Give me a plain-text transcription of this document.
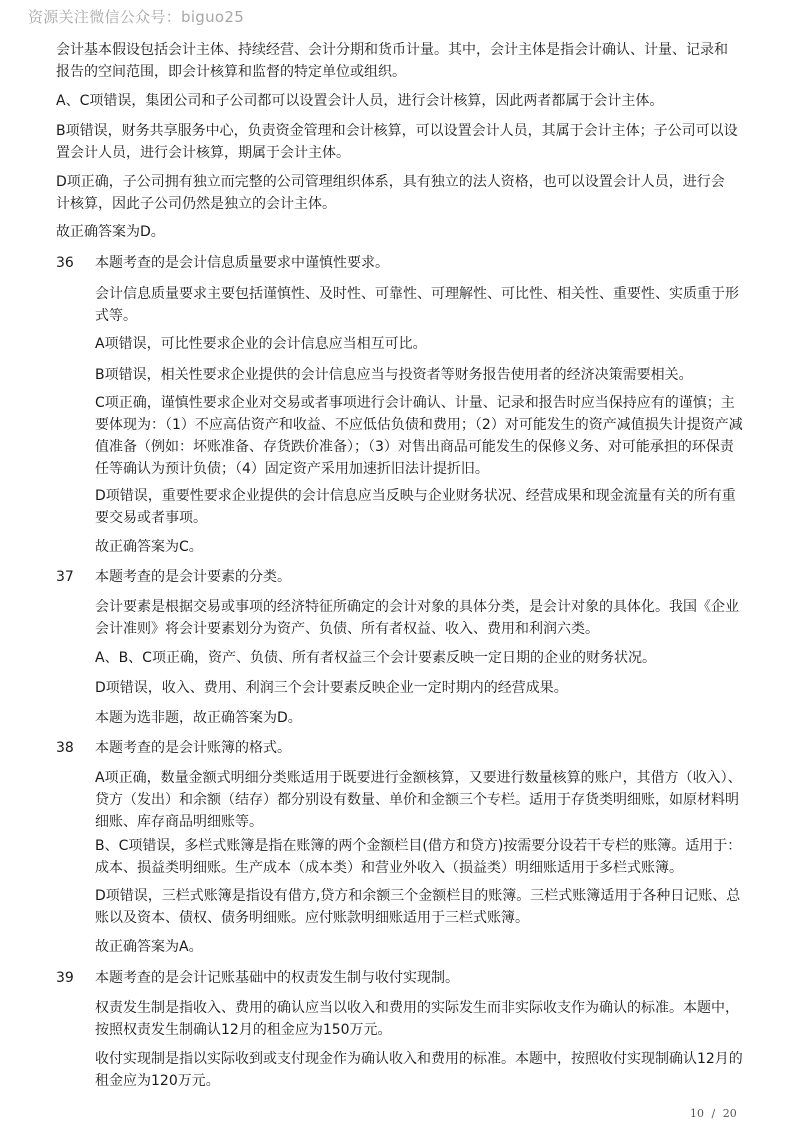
资源关注微信公众号：biguo25

会计基本假设包括会计主体、持续经营、会计分期和货币计量。其中，会计主体是指会计确认、计量、记录和报告的空间范围，即会计核算和监督的特定单位或组织。

A、C项错误，集团公司和子公司都可以设置会计人员，进行会计核算，因此两者都属于会计主体。

B项错误，财务共享服务中心，负责资金管理和会计核算，可以设置会计人员，其属于会计主体；子公司可以设置会计人员，进行会计核算，期属于会计主体。

D项正确，子公司拥有独立而完整的公司管理组织体系，具有独立的法人资格，也可以设置会计人员，进行会计核算，因此子公司仍然是独立的会计主体。

故正确答案为D。

36 本题考查的是会计信息质量要求中谨慎性要求。

会计信息质量要求主要包括谨慎性、及时性、可靠性、可理解性、可比性、相关性、重要性、实质重于形式等。

A项错误，可比性要求企业的会计信息应当相互可比。

B项错误，相关性要求企业提供的会计信息应当与投资者等财务报告使用者的经济决策需要相关。

C项正确，谨慎性要求企业对交易或者事项进行会计确认、计量、记录和报告时应当保持应有的谨慎；主要体现为：（1）不应高估资产和收益、不应低估负债和费用；（2）对可能发生的资产减值损失计提资产减值准备（例如：坏账准备、存货跌价准备）；（3）对售出商品可能发生的保修义务、对可能承担的环保责任等确认为预计负债；（4）固定资产采用加速折旧法计提折旧。

D项错误，重要性要求企业提供的会计信息应当反映与企业财务状况、经营成果和现金流量有关的所有重要交易或者事项。

故正确答案为C。

37 本题考查的是会计要素的分类。

会计要素是根据交易或事项的经济特征所确定的会计对象的具体分类，是会计对象的具体化。我国《企业会计准则》将会计要素划分为资产、负债、所有者权益、收入、费用和利润六类。

A、B、C项正确，资产、负债、所有者权益三个会计要素反映一定日期的企业的财务状况。

D项错误，收入、费用、利润三个会计要素反映企业一定时期内的经营成果。

本题为选非题，故正确答案为D。

38 本题考查的是会计账簿的格式。

A项正确，数量金额式明细分类账适用于既要进行金额核算，又要进行数量核算的账户，其借方（收入）、贷方（发出）和余额（结存）都分别设有数量、单价和金额三个专栏。适用于存货类明细账，如原材料明细账、库存商品明细账等。

B、C项错误，多栏式账簿是指在账簿的两个金额栏目(借方和贷方)按需要分设若干专栏的账簿。适用于：成本、损益类明细账。生产成本（成本类）和营业外收入（损益类）明细账适用于多栏式账簿。

D项错误，三栏式账簿是指设有借方,贷方和余额三个金额栏目的账簿。三栏式账簿适用于各种日记账、总账以及资本、债权、债务明细账。应付账款明细账适用于三栏式账簿。

故正确答案为A。

39 本题考查的是会计记账基础中的权责发生制与收付实现制。

权责发生制是指收入、费用的确认应当以收入和费用的实际发生而非实际收支作为确认的标准。本题中，按照权责发生制确认12月的租金应为150万元。

收付实现制是指以实际收到或支付现金作为确认收入和费用的标准。本题中，按照收付实现制确认12月的租金应为120万元。

10 / 20
